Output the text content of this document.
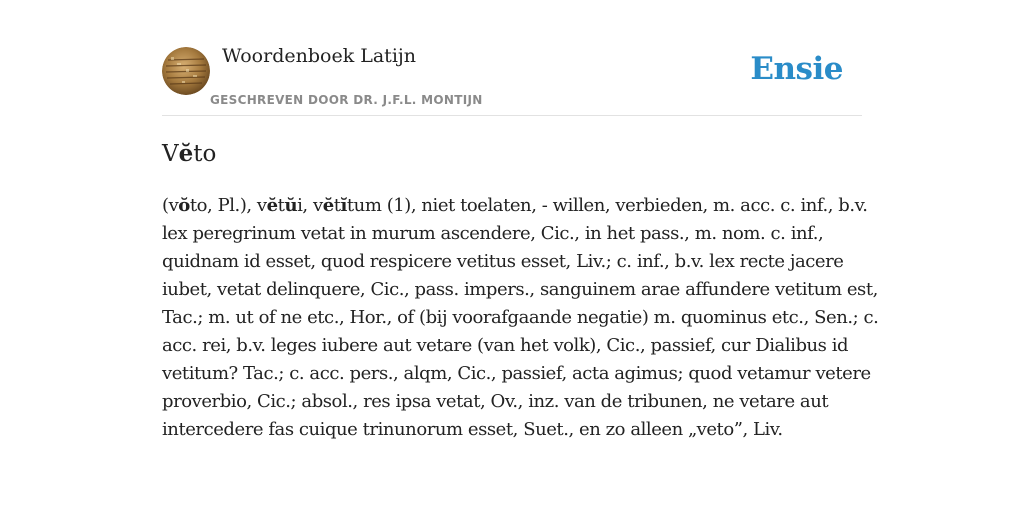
Woordenboek Latijn
GESCHREVEN DOOR DR. J.F.L. MONTIJN
Ensie
Vĕto
(vŏto, Pl.), vĕtŭi, vĕtĭtum (1), niet toelaten, - willen, verbieden, m. acc. c. inf., b.v.
lex peregrinum vetat in murum ascendere, Cic., in het pass., m. nom. c. inf.,
quidnam id esset, quod respicere vetitus esset, Liv.; c. inf., b.v. lex recte jacere
iubet, vetat delinquere, Cic., pass. impers., sanguinem arae affundere vetitum est,
Tac.; m. ut of ne etc., Hor., of (bij voorafgaande negatie) m. quominus etc., Sen.; c.
acc. rei, b.v. leges iubere aut vetare (van het volk), Cic., passief, cur Dialibus id
vetitum? Tac.; c. acc. pers., alqm, Cic., passief, acta agimus; quod vetamur vetere
proverbio, Cic.; absol., res ipsa vetat, Ov., inz. van de tribunen, ne vetare aut
intercedere fas cuique trinunorum esset, Suet., en zo alleen „veto”, Liv.
